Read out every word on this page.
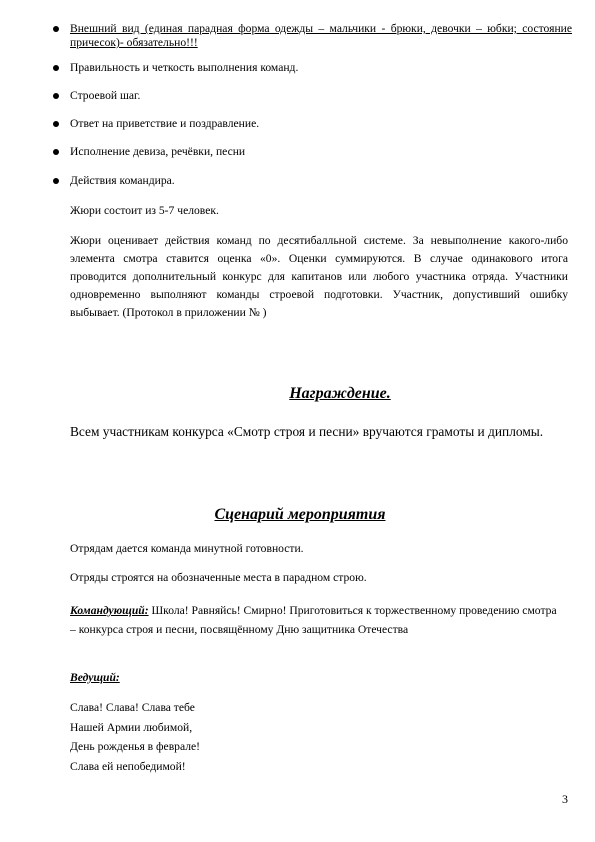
Внешний вид (единая парадная форма одежды – мальчики - брюки, девочки – юбки; состояние причесок)- обязательно!!!
Правильность и четкость выполнения команд.
Строевой шаг.
Ответ на приветствие и поздравление.
Исполнение девиза, речёвки, песни
Действия командира.

Жюри состоит из 5-7 человек.

Жюри оценивает действия команд по десятибалльной системе. За невыполнение какого-либо элемента смотра ставится оценка «0». Оценки суммируются. В случае одинакового итога проводится дополнительный конкурс для капитанов или любого участника отряда. Участники одновременно выполняют команды строевой подготовки. Участник, допустивший ошибку выбывает. (Протокол в приложении № )

Награждение.

Всем участникам конкурса «Смотр строя и песни» вручаются грамоты и дипломы.

Сценарий мероприятия

Отрядам дается команда минутной готовности.

Отряды строятся на обозначенные места в парадном строю.

Командующий: Школа! Равняйсь! Смирно! Приготовиться к торжественному проведению смотра – конкурса строя и песни, посвящённому Дню защитника Отечества

Ведущий:

Слава! Слава! Слава тебе
Нашей Армии любимой,
День рожденья в феврале!
Слава ей непобедимой!
3
